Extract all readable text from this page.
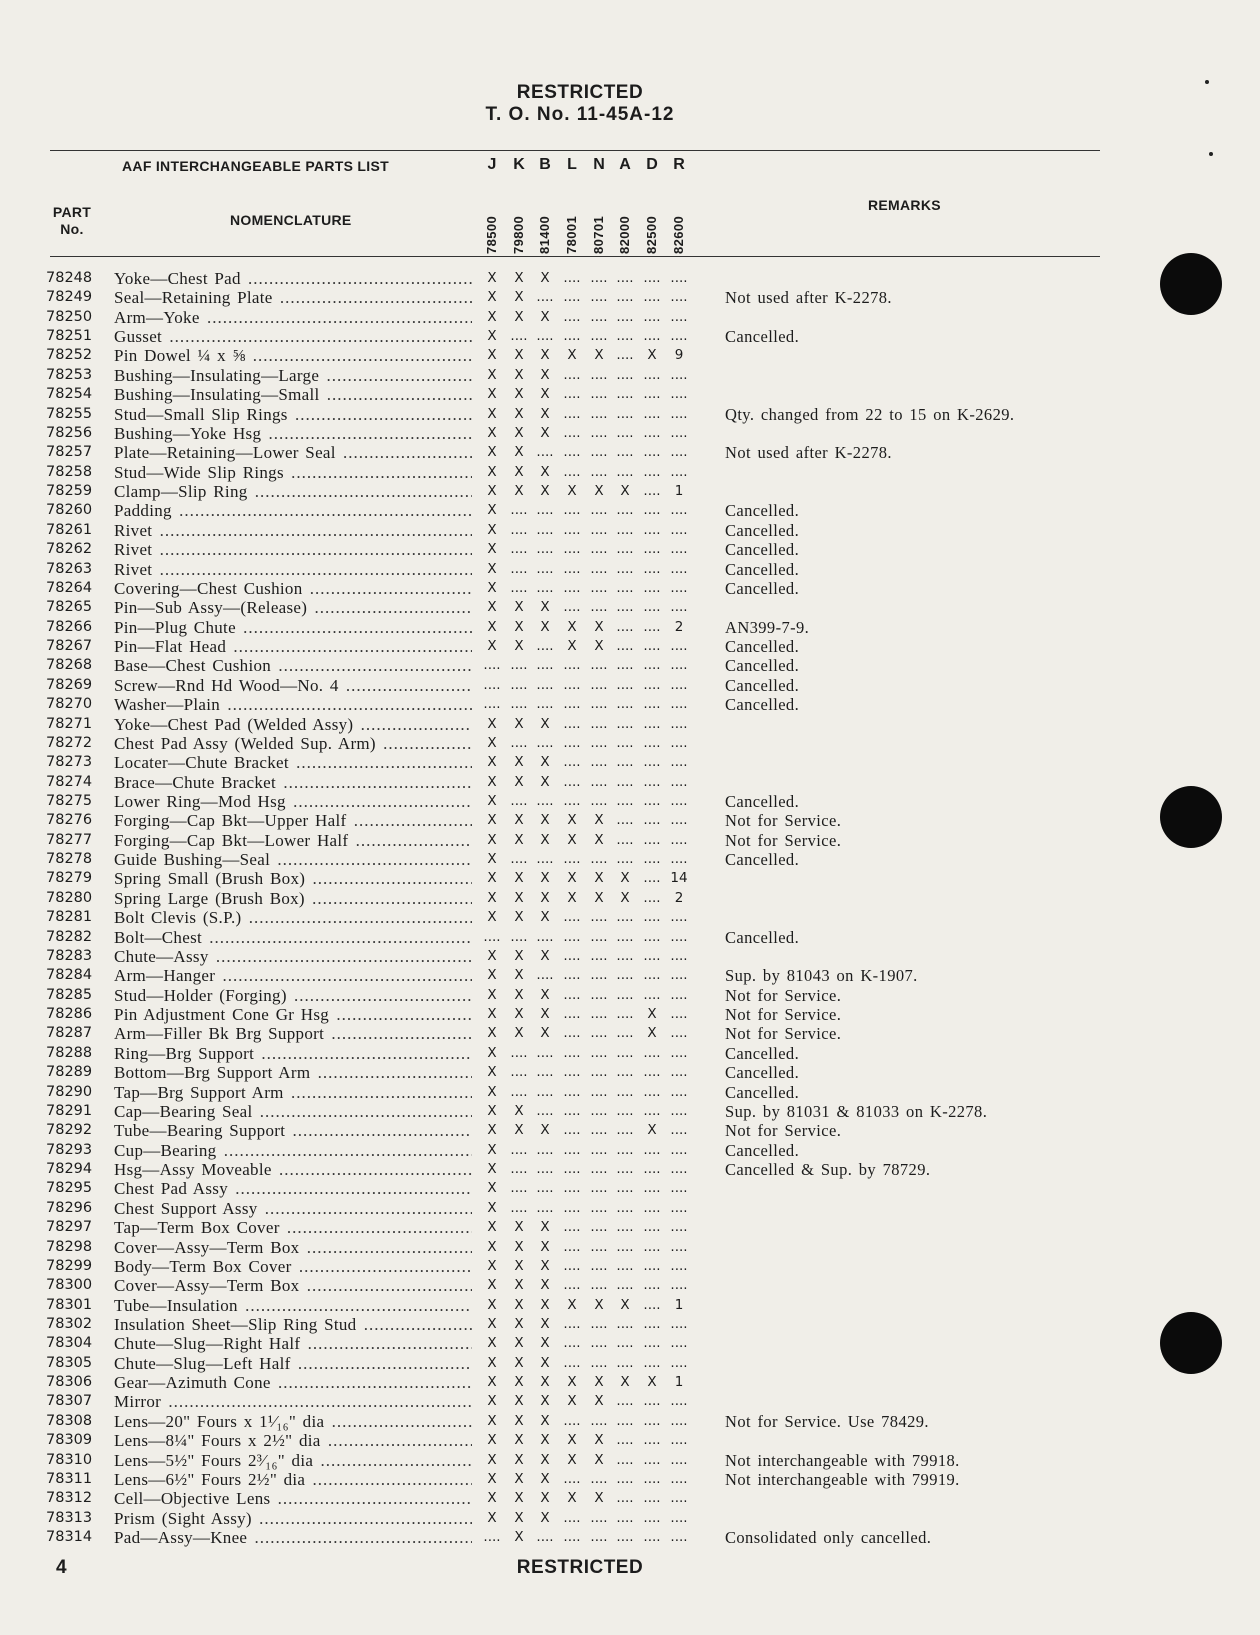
RESTRICTED
T. O. No. 11-45A-12
AAF INTERCHANGEABLE PARTS LIST
PART
No.
NOMENCLATURE
REMARKS
J	K B	L	N A D R
78500 79800 81400 78001 80701 82000 82500 82600
78248	Yoke—Chest Pad .....	X	X	X	.... .... .... .... ....
78249	Seal—Retaining Plate .....	X	X .... .... .... .... .... .... Not used after K-2278.
78250	Arm—Yoke .....	X	X	X	.... .... .... .... ....
78251	Gusset .....	X	.... .... .... .... .... .... .... Cancelled.
78252	Pin Dowel ¼ x ⅝ .....	X	X	X	X	X ....	X	9
78253	Bushing—Insulating—Large .....	X	X	X	.... .... .... .... ....
78254	Bushing—Insulating—Small .....	X	X	X	.... .... .... .... ....
78255	Stud—Small Slip Rings .....	X	X	X	.... .... .... .... .... Qty. changed from 22 to 15 on K-2629.
78256	Bushing—Yoke Hsg .....	X	X	X	.... .... .... .... ....
78257	Plate—Retaining—Lower Seal .....	X	X .... .... .... .... .... .... Not used after K-2278.
78258	Stud—Wide Slip Rings .....	X	X	X	.... .... .... .... ....
78259	Clamp—Slip Ring .....	X	X	X	X	X	X	....	1
78260	Padding .....	X	.... .... .... .... .... .... .... Cancelled.
78261	Rivet .....	X	.... .... .... .... .... .... .... Cancelled.
78262	Rivet .....	X	.... .... .... .... .... .... .... Cancelled.
78263	Rivet .....	X	.... .... .... .... .... .... .... Cancelled.
78264	Covering—Chest Cushion .....	X	.... .... .... .... .... .... .... Cancelled.
78265	Pin—Sub Assy—(Release) .....	X	X	X	.... .... .... .... ....
78266	Pin—Plug Chute .....	X	X	X	X	X .... ....	2	AN399-7-9.
78267	Pin—Flat Head .....	X	X ....	X	X .... .... .... Cancelled.
78268	Base—Chest Cushion .....	.... .... .... .... .... .... .... .... Cancelled.
78269	Screw—Rnd Hd Wood—No. 4 .....	.... .... .... .... .... .... .... .... Cancelled.
78270	Washer—Plain .....	.... .... .... .... .... .... .... .... Cancelled.
78271	Yoke—Chest Pad (Welded Assy) .....	X	X	X	.... .... .... .... ....
78272	Chest Pad Assy (Welded Sup. Arm) .....	X	.... .... .... .... .... .... ....
78273	Locater—Chute Bracket .....	X	X	X	.... .... .... .... ....
78274	Brace—Chute Bracket .....	X	X	X	.... .... .... .... ....
78275	Lower Ring—Mod Hsg .....	X	.... .... .... .... .... .... .... Cancelled.
78276	Forging—Cap Bkt—Upper Half .....	X	X	X	X	X .... .... .... Not for Service.
78277	Forging—Cap Bkt—Lower Half .....	X	X	X	X	X .... .... .... Not for Service.
78278	Guide Bushing—Seal .....	X	.... .... .... .... .... .... .... Cancelled.
78279	Spring Small (Brush Box) .....	X	X	X	X	X	X	.... 14
78280	Spring Large (Brush Box) .....	X	X	X	X	X	X	....	2
78281	Bolt Clevis (S.P.) .....	X	X	X	.... .... .... .... ....
78282	Bolt—Chest .....	.... .... .... .... .... .... .... .... Cancelled.
78283	Chute—Assy .....	X	X	X	.... .... .... .... ....
78284	Arm—Hanger .....	X	X .... .... .... .... .... .... Sup. by 81043 on K-1907.
78285	Stud—Holder (Forging) .....	X	X	X	.... .... .... .... .... Not for Service.
78286	Pin Adjustment Cone Gr Hsg .....	X	X	X	.... .... ....	X	.... Not for Service.
78287	Arm—Filler Bk Brg Support .....	X	X	X	.... .... ....	X	.... Not for Service.
78288	Ring—Brg Support .....	X	.... .... .... .... .... .... .... Cancelled.
78289	Bottom—Brg Support Arm .....	X	.... .... .... .... .... .... .... Cancelled.
78290	Tap—Brg Support Arm .....	X	.... .... .... .... .... .... .... Cancelled.
78291	Cap—Bearing Seal .....	X	X .... .... .... .... .... .... Sup. by 81031 & 81033 on K-2278.
78292	Tube—Bearing Support .....	X	X	X	.... .... ....	X	.... Not for Service.
78293	Cup—Bearing .....	X	.... .... .... .... .... .... .... Cancelled.
78294	Hsg—Assy Moveable .....	X	.... .... .... .... .... .... .... Cancelled & Sup. by 78729.
78295	Chest Pad Assy .....	X	.... .... .... .... .... .... ....
78296	Chest Support Assy .....	X	.... .... .... .... .... .... ....
78297	Tap—Term Box Cover .....	X	X	X	.... .... .... .... ....
78298	Cover—Assy—Term Box .....	X	X	X	.... .... .... .... ....
78299	Body—Term Box Cover .....	X	X	X	.... .... .... .... ....
78300	Cover—Assy—Term Box .....	X	X	X	.... .... .... .... ....
78301	Tube—Insulation .....	X	X	X	X	X	X	....	1
78302	Insulation Sheet—Slip Ring Stud .....	X	X	X	.... .... .... .... ....
78304	Chute—Slug—Right Half .....	X	X	X	.... .... .... .... ....
78305	Chute—Slug—Left Half .....	X	X	X	.... .... .... .... ....
78306	Gear—Azimuth Cone .....	X	X	X	X	X	X	X	1
78307	Mirror .....	X	X	X	X	X .... .... ....
78308	Lens—20" Fours x 1¹⁄₁₆" dia .....	X	X	X	.... .... .... .... .... Not for Service. Use 78429.
78309	Lens—8¼" Fours x 2½" dia .....	X	X	X	X	X .... .... ....
78310	Lens—5½" Fours 2³⁄₁₆" dia .....	X	X	X	X	X .... .... .... Not interchangeable with 79918.
78311	Lens—6½" Fours 2½" dia .....	X	X	X	.... .... .... .... .... Not interchangeable with 79919.
78312	Cell—Objective Lens .....	X	X	X	X	X .... .... ....
78313	Prism (Sight Assy) .....	X	X	X	.... .... .... .... ....
78314	Pad—Assy—Knee .....	....	X .... .... .... .... .... .... Consolidated only cancelled.
4	RESTRICTED
